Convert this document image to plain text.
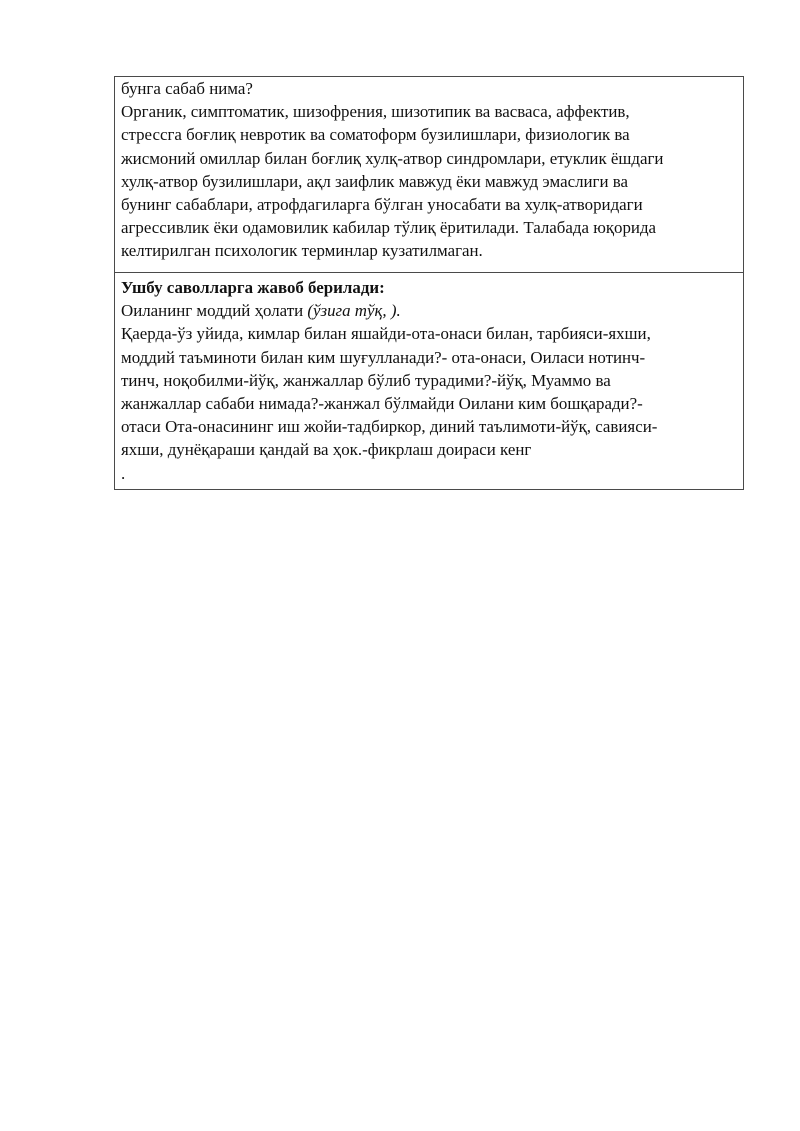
бунга сабаб нима?
Органик, симптоматик, шизофрения, шизотипик ва васваса, аффектив,
стрессга боғлиқ невротик ва соматоформ бузилишлари, физиологик ва
жисмоний омиллар билан боғлиқ хулқ-атвор синдромлари, етуклик ёшдаги
хулқ-атвор бузилишлари, ақл заифлик мавжуд ёки мавжуд эмаслиги ва
бунинг сабаблари, атрофдагиларга бўлган уносабати ва хулқ-атворидаги
агрессивлик ёки одамовилик кабилар тўлиқ ёритилади. Талабада юқорида
келтирилган психологик терминлар кузатилмаган.
Ушбу саволларга жавоб берилади:
Оиланинг моддий ҳолати (ўзига тўқ, ).
Қаерда-ўз уйида, кимлар билан яшайди-ота-онаси билан, тарбияси-яхши,
моддий таъминоти билан ким шуғулланади?- ота-онаси, Оиласи нотинч-
тинч, ноқобилми-йўқ, жанжаллар бўлиб турадими?-йўқ, Муаммо ва
жанжаллар сабаби нимада?-жанжал бўлмайди Оилани ким бошқаради?-
отаси Ота-онасининг иш жойи-тадбиркор, диний таълимоти-йўқ, савияси-
яхши, дунёқараши қандай ва ҳок.-фикрлаш доираси кенг
.
